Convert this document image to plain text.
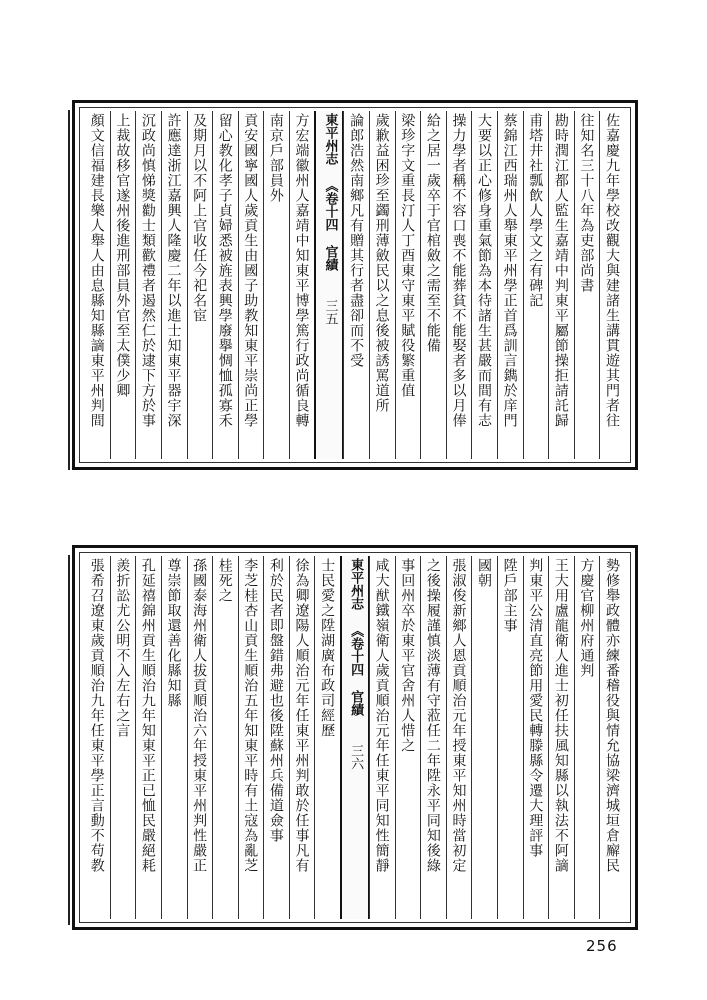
佐嘉慶九年學校改觀大與建諸生講貫遊其門者往
往知名三十八年為吏部尚書
勘時潤江都人監生嘉靖中判東平屬節操拒請託歸
甫塔井社瓢飲人學文之有碑記
蔡錦江西瑞州人舉東平州學正首爲訓言鐫於庠門
大要以正心修身重氣節為本待諸生甚嚴而間有志
操力學者稱不容口喪不能葬貧不能娶者多以月俸
給之居一歲卒于官棺斂之需至不能備
梁珍字文重長汀人丁酉東守東平賦役繁重值
歲歉益困珍至蠲刑薄斂民以之息後被誘罵道所
論郎浩然南鄉凡有贈其行者盡卻而不受
東平州志︽卷十四官績三五
方宏端徽州人嘉靖中知東平博學篤行政尚循良轉
南京戶部員外
貢安國寧國人歲貢生由國子助教知東平崇尚正學
留心教化孝子貞婦悉被旌表興學廢擧惆恤孤寡禾
及期月以不阿上官收任今祀名宦
許應達浙江嘉興人隆慶二年以進士知東平器宇深
沉政尚慎悌獎勸士類歡禮者遏然仁於逮下方於事
上裁故移官遂州後進刑部員外官至太僕少卿
顏文信福建長樂人舉人由息縣知縣謫東平州判間
勢修舉政體亦練番稽役與情允協梁濟城垣倉廨民
方慶官柳州府通判
王大用盧龍衛人進士初任扶風知縣以執法不阿謫
判東平公清直亮節用愛民轉滕縣令遷大理評事
陞戶部主事
國朝
張淑俊新鄉人恩貢順治元年授東平知州時當初定
之後操履謹慎淡薄有守蒞任二年陞永平同知後綠
事回州卒於東平官舍州人惜之
咸大猷鐵嶺衛人歲貢順治元年任東平同知性簡靜
東平州志︽卷十四官績三六
士民愛之陞湖廣布政司經歷
徐為卿遼陽人順治元年任東平州判敢於任事凡有
利於民者即盤錯弗避也後陞蘇州兵備道僉事
李芝桂杏山貢生順治五年知東平時有土寇為亂芝
桂死之
孫國泰海州衛人拔貢順治六年授東平州判性嚴正
尊崇節取還善化縣知縣
孔延禧錦州貢生順治九年知東平正已恤民嚴絕耗
羨折訟尤公明不入左右之言
張希召遼東歲貢順治九年任東平學正言動不苟教
256
